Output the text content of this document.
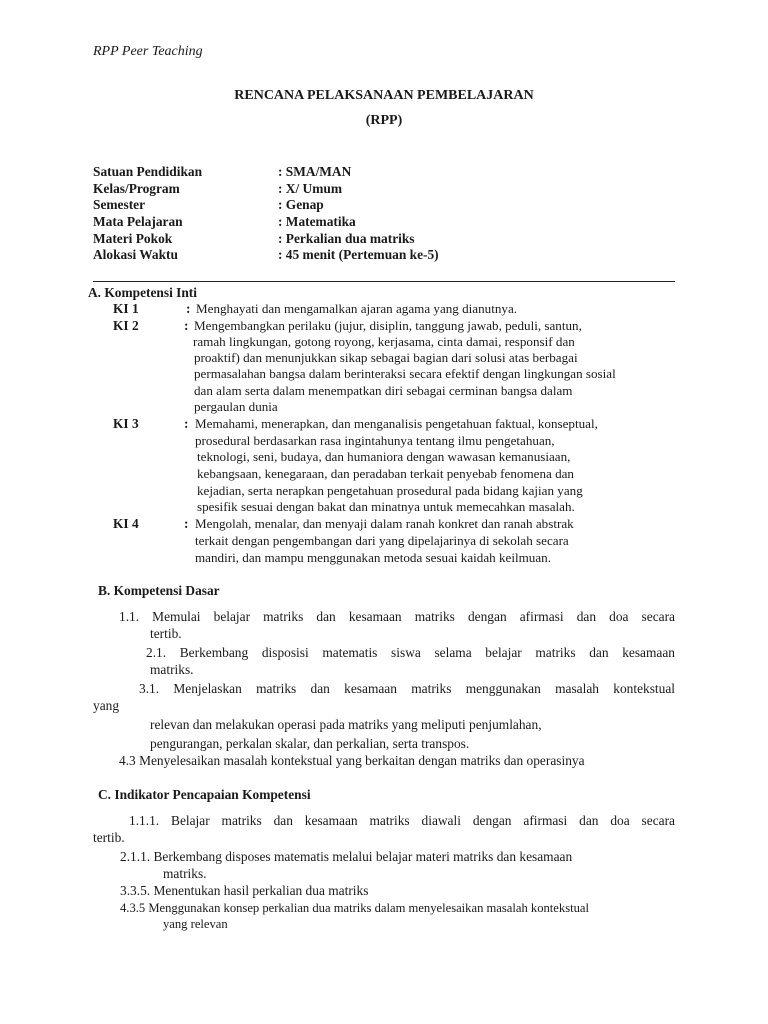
RPP Peer Teaching
RENCANA PELAKSANAAN PEMBELAJARAN
(RPP)
Satuan Pendidikan	: SMA/MAN
Kelas/Program	: X/ Umum
Semester	: Genap
Mata Pelajaran	: Matematika
Materi Pokok	: Perkalian dua matriks
Alokasi Waktu	: 45 menit (Pertemuan ke-5)
A. Kompetensi Inti
KI 1	: Menghayati dan mengamalkan ajaran agama yang dianutnya.
KI 2	: Mengembangkan perilaku (jujur, disiplin, tanggung jawab, peduli, santun,
ramah lingkungan, gotong royong, kerjasama, cinta damai, responsif dan
proaktif) dan menunjukkan sikap sebagai bagian dari solusi atas berbagai
permasalahan bangsa dalam berinteraksi secara efektif dengan lingkungan sosial
dan alam serta dalam menempatkan diri sebagai cerminan bangsa dalam
pergaulan dunia
KI 3	: Memahami, menerapkan, dan menganalisis pengetahuan faktual, konseptual,
prosedural berdasarkan rasa ingintahunya tentang ilmu pengetahuan,
teknologi, seni, budaya, dan humaniora dengan wawasan kemanusiaan,
kebangsaan, kenegaraan, dan peradaban terkait penyebab fenomena dan
kejadian, serta nerapkan pengetahuan prosedural pada bidang kajian yang
spesifik sesuai dengan bakat dan minatnya untuk memecahkan masalah.
KI 4	: Mengolah, menalar, dan menyaji dalam ranah konkret dan ranah abstrak
terkait dengan pengembangan dari yang dipelajarinya di sekolah secara
mandiri, dan mampu menggunakan metoda sesuai kaidah keilmuan.
B. Kompetensi Dasar
1.1. Memulai belajar matriks dan kesamaan matriks dengan afirmasi dan doa secara
tertib.
2.1. Berkembang disposisi matematis siswa selama belajar matriks dan kesamaan
matriks.
3.1. Menjelaskan matriks dan kesamaan matriks menggunakan masalah kontekstual
yang
relevan dan melakukan operasi pada matriks yang meliputi penjumlahan,
pengurangan, perkalan skalar, dan perkalian, serta transpos.
4.3 Menyelesaikan masalah kontekstual yang berkaitan dengan matriks dan operasinya
C. Indikator Pencapaian Kompetensi
1.1.1. Belajar matriks dan kesamaan matriks diawali dengan afirmasi dan doa secara
tertib.
2.1.1. Berkembang disposes matematis melalui belajar materi matriks dan kesamaan
matriks.
3.3.5. Menentukan hasil perkalian dua matriks
4.3.5 Menggunakan konsep perkalian dua matriks dalam menyelesaikan masalah kontekstual
yang relevan
